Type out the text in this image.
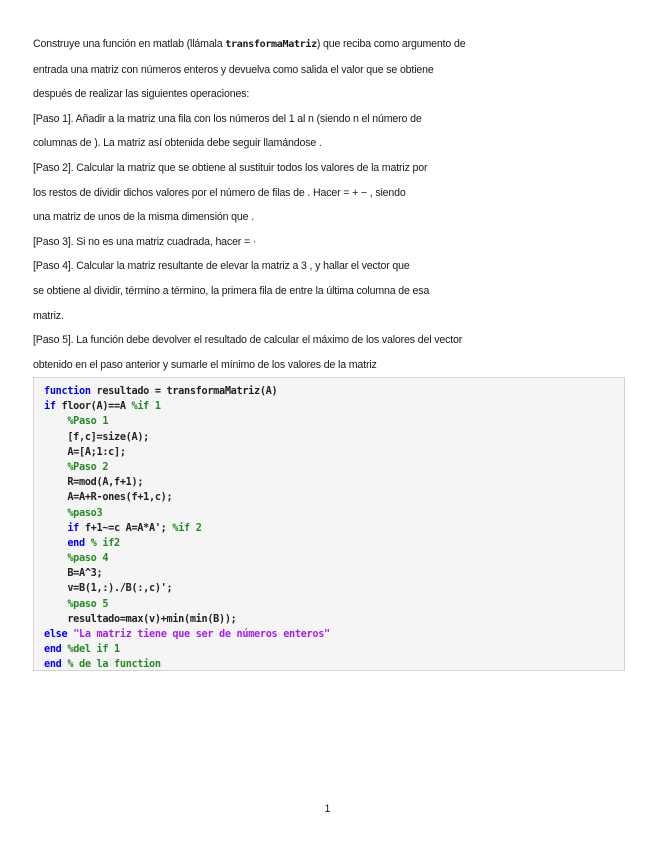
Construye una función en matlab (llámala transformaMatriz) que reciba como argumento de

entrada una matriz con números enteros y devuelva como salida el valor que se obtiene

después de realizar las siguientes operaciones:

[Paso 1]. Añadir a la matriz una fila con los números del 1 al n (siendo n el número de

columnas de ). La matriz así obtenida debe seguir llamándose .

[Paso 2]. Calcular la matriz que se obtiene al sustituir todos los valores de la matriz por

los restos de dividir dichos valores por el número de filas de . Hacer = + − , siendo

una matriz de unos de la misma dimensión que .

[Paso 3]. Si no es una matriz cuadrada, hacer = ·

[Paso 4]. Calcular la matriz resultante de elevar la matriz a 3 , y hallar el vector que

se obtiene al dividir, término a término, la primera fila de entre la última columna de esa

matriz.

[Paso 5]. La función debe devolver el resultado de calcular el máximo de los valores del vector

obtenido en el paso anterior y sumarle el mínimo de los valores de la matriz

function resultado = transformaMatriz(A)
if floor(A)==A %if 1
%Paso 1
[f,c]=size(A);
A=[A;1:c];
%Paso 2
R=mod(A,f+1);
A=A+R-ones(f+1,c);
%paso3
if f+1~=c A=A*A'; %if 2
end % if2
%paso 4
B=A^3;
v=B(1,:)./B(:,c)';
%paso 5
resultado=max(v)+min(min(B));
else "La matriz tiene que ser de números enteros"
end %del if 1
end % de la function
1
